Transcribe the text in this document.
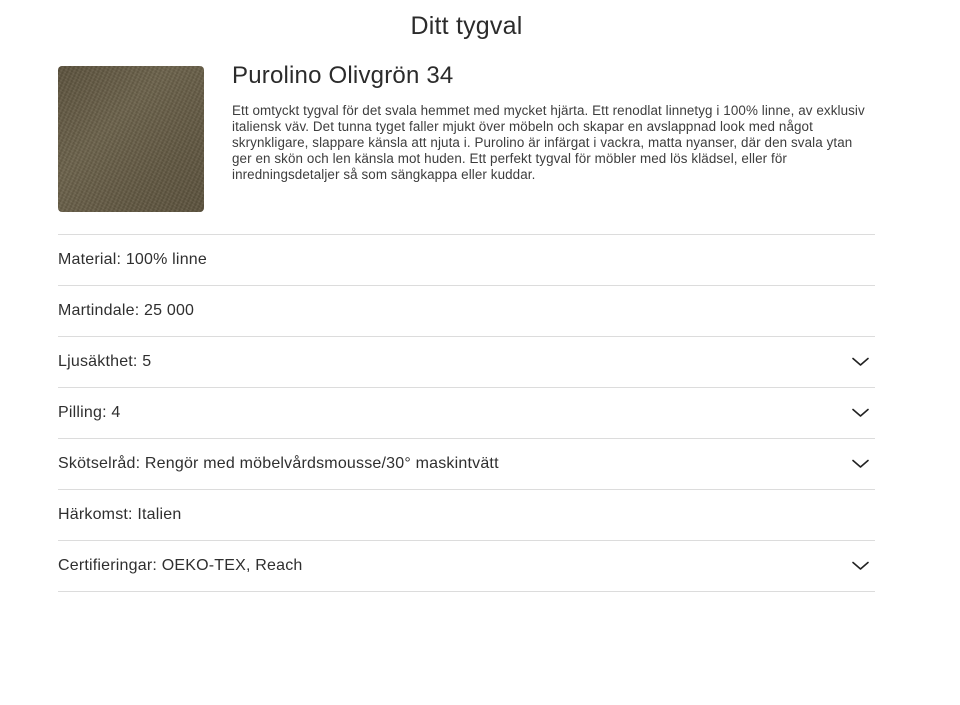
Ditt tygval
Purolino Olivgrön 34

Ett omtyckt tygval för det svala hemmet med mycket hjärta. Ett renodlat linnetyg i 100% linne, av exklusiv italiensk väv. Det tunna tyget faller mjukt över möbeln och skapar en avslappnad look med något skrynkligare, slappare känsla att njuta i. Purolino är infärgat i vackra, matta nyanser, där den svala ytan ger en skön och len känsla mot huden. Ett perfekt tygval för möbler med lös klädsel, eller för inredningsdetaljer så som sängkappa eller kuddar.

Material: 100% linne
Martindale: 25 000
Ljusäkthet: 5
Pilling: 4
Skötselråd: Rengör med möbelvårdsmousse/30° maskintvätt
Härkomst: Italien
Certifieringar: OEKO-TEX, Reach
